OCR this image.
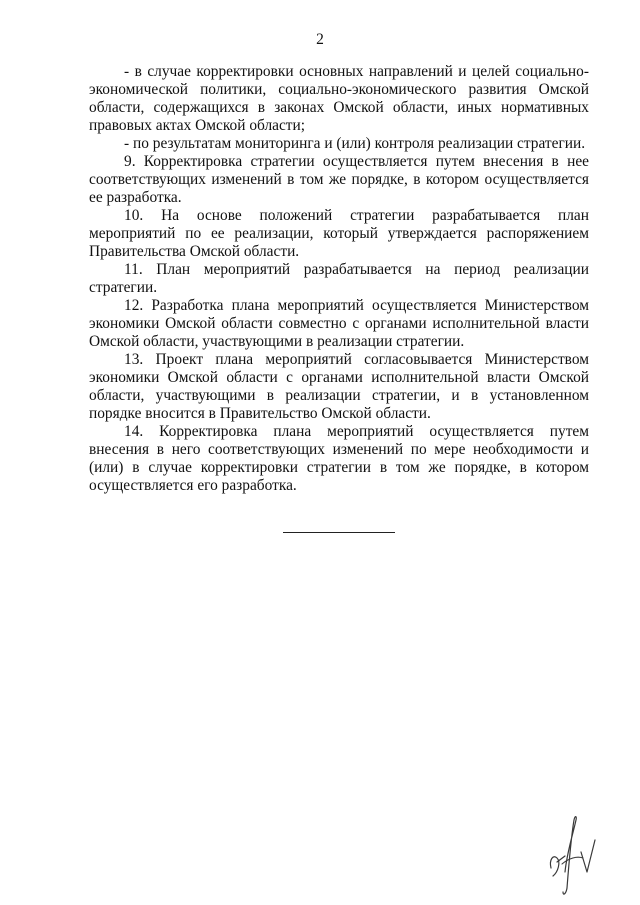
2

- в случае корректировки основных направлений и целей социально-экономической политики, социально-экономического развития Омской области, содержащихся в законах Омской области, иных нормативных правовых актах Омской области;

- по результатам мониторинга и (или) контроля реализации стратегии.

9. Корректировка стратегии осуществляется путем внесения в нее соответствующих изменений в том же порядке, в котором осуществляется ее разработка.

10. На основе положений стратегии разрабатывается план мероприятий по ее реализации, который утверждается распоряжением Правительства Омской области.

11. План мероприятий разрабатывается на период реализации стратегии.

12. Разработка плана мероприятий осуществляется Министерством экономики Омской области совместно с органами исполнительной власти Омской области, участвующими в реализации стратегии.

13. Проект плана мероприятий согласовывается Министерством экономики Омской области с органами исполнительной власти Омской области, участвующими в реализации стратегии, и в установленном порядке вносится в Правительство Омской области.

14. Корректировка плана мероприятий осуществляется путем внесения в него соответствующих изменений по мере необходимости и (или) в случае корректировки стратегии в том же порядке, в котором осуществляется его разработка.
